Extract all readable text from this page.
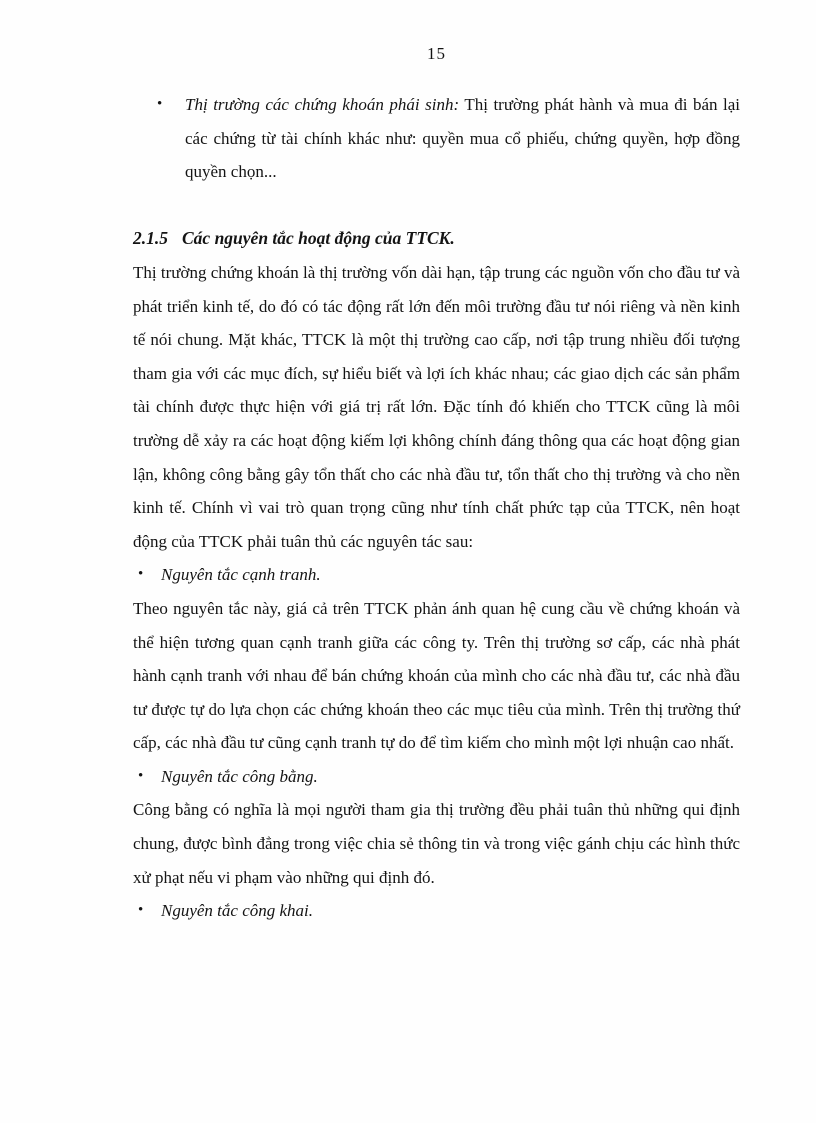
15
• Thị trường các chứng khoán phái sinh: Thị trường phát hành và mua đi bán lại các chứng từ tài chính khác như: quyền mua cổ phiếu, chứng quyền, hợp đồng quyền chọn...
2.1.5 Các nguyên tắc hoạt động của TTCK.

Thị trường chứng khoán là thị trường vốn dài hạn, tập trung các nguồn vốn cho đầu tư và phát triển kinh tế, do đó có tác động rất lớn đến môi trường đầu tư nói riêng và nền kinh tế nói chung. Mặt khác, TTCK là một thị trường cao cấp, nơi tập trung nhiều đối tượng tham gia với các mục đích, sự hiểu biết và lợi ích khác nhau; các giao dịch các sản phẩm tài chính được thực hiện với giá trị rất lớn. Đặc tính đó khiến cho TTCK cũng là môi trường dễ xảy ra các hoạt động kiếm lợi không chính đáng thông qua các hoạt động gian lận, không công bằng gây tổn thất cho các nhà đầu tư, tổn thất cho thị trường và cho nền kinh tế. Chính vì vai trò quan trọng cũng như tính chất phức tạp của TTCK, nên hoạt động của TTCK phải tuân thủ các nguyên tác sau:

• Nguyên tắc cạnh tranh.

Theo nguyên tắc này, giá cả trên TTCK phản ánh quan hệ cung cầu về chứng khoán và thể hiện tương quan cạnh tranh giữa các công ty. Trên thị trường sơ cấp, các nhà phát hành cạnh tranh với nhau để bán chứng khoán của mình cho các nhà đầu tư, các nhà đầu tư được tự do lựa chọn các chứng khoán theo các mục tiêu của mình. Trên thị trường thứ cấp, các nhà đầu tư cũng cạnh tranh tự do để tìm kiếm cho mình một lợi nhuận cao nhất.

• Nguyên tắc công bằng.

Công bằng có nghĩa là mọi người tham gia thị trường đều phải tuân thủ những qui định chung, được bình đẳng trong việc chia sẻ thông tin và trong việc gánh chịu các hình thức xử phạt nếu vi phạm vào những qui định đó.

• Nguyên tắc công khai.
